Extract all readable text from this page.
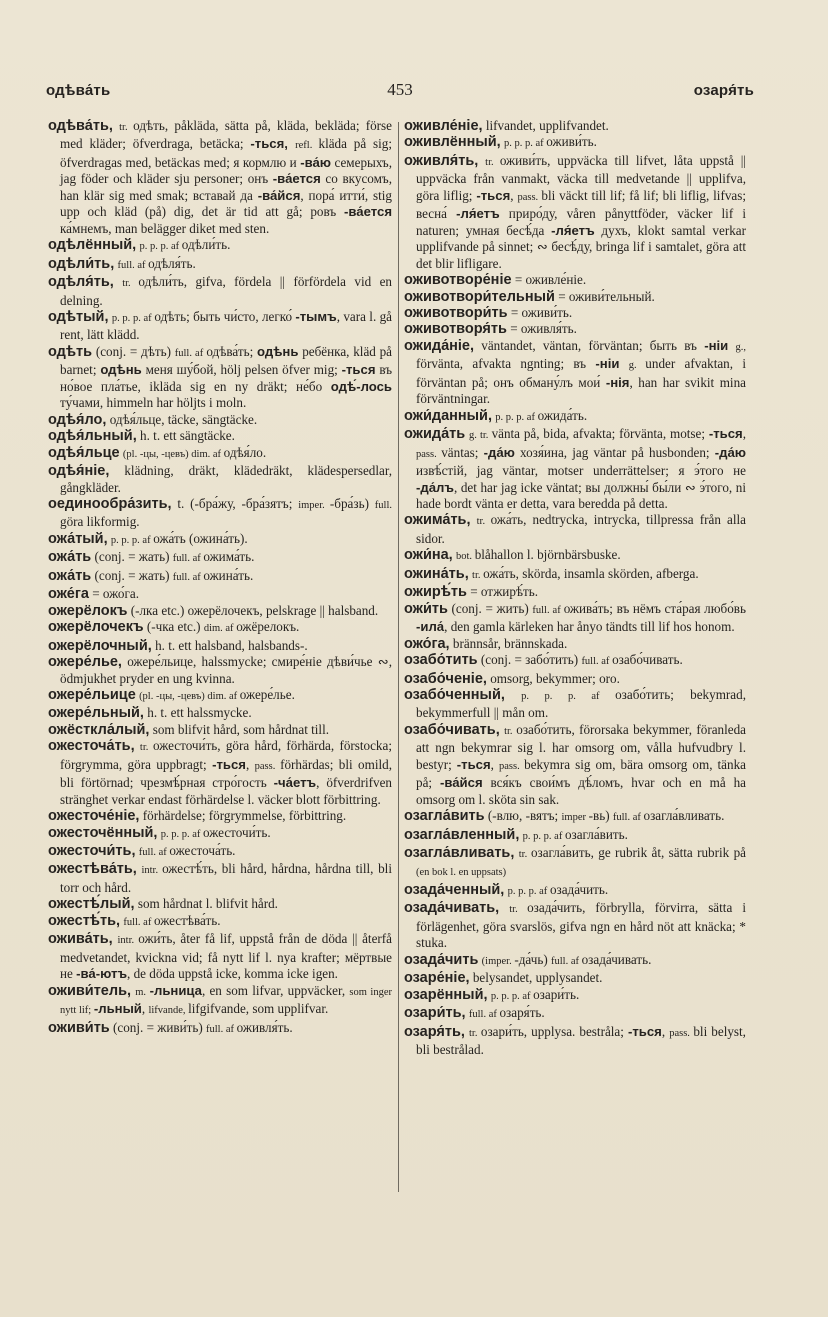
одѣва́ть	453	озаря́ть

одѣва́ть, tr. одѣть, påkläda, sätta på, kläda, bekläda; förse med kläder; öfverdraga, betäcka; -ться, refl. kläda på sig; öfverdragas med, betäckas med; я кормлю и -ва́ю семерыхъ, jag föder och kläder sju personer; онъ -ва́ется со вкусомъ, han klär sig med smak; вставай да -ва́йся, пора́ итти́, stig upp och kläd (på) dig, det är tid att gå; ровъ -ва́ется ка́мнемъ, man belägger diket med sten.

одѣлённый, p. p. p. af одѣли́ть.

одѣли́ть, full. af одѣля́ть.

одѣля́ть, tr. одѣли́ть, gifva, fördela || förfördela vid en delning.

одѣтый, p. p. p. af одѣть; быть чи́сто, легко́ -тымъ, vara l. gå rent, lätt klädd.

одѣть (conj. = дѣть) full. af одѣва́ть; одѣнь ребёнка, kläd på barnet; одѣнь меня шу́бой, hölj pelsen öfver mig; -ться въ но́вое пла́тье, iklädа sig en ny dräkt; не́бо одѣ́-лось ту́чами, himmeln har höljts i moln.

одѣя́ло, одѣя́льце, täcke, sängtäcke.

одѣя́льный, h. t. ett sängtäcke.

одѣя́льце (pl. -цы, -цевъ) dim. af одѣя́ло.

одѣя́ніе, klädning, dräkt, klädedräkt, klädespersedlar, gångkläder.

оединообра́зить, t. (-бра́жу, -бра́зятъ; imper. -бра́зь) full. göra likformig.

ожа́тый, p. p. p. af ожа́ть (ожина́ть).

ожа́ть (conj. = жать) full. af ожима́ть.

ожа́ть (conj. = жать) full. af ожина́ть.

оже́га = ожо́га.

ожерёлокъ (-лка etc.) ожерёлочекъ, pelskrage || halsband.

ожерёлочекъ (-чка etc.) dim. af ожёрелокъ.

ожерёлочный, h. t. ett halsband, halsbands-.

ожере́лье, ожере́льице, halssmycke; смире́ніе дѣви́чье ∾, ödmjukhet pryder en ung kvinna.

ожере́льице (pl. -цы, -цевъ) dim. af ожере́лье.

ожере́льный, h. t. ett halssmycke.

ожёсткла́лый, som blifvit hård, som hårdnat till.

ожесточа́ть, tr. ожесточи́ть, göra hård, förhärda, förstocka; förgrymma, göra uppbragt; -ться, pass. förhärdas; bli omild, bli förtörnad; чрезмѣ́рная стро́гость -ча́етъ, öfverdrifven stränghet verkar endast förhärdelse l. väcker blott förbittring.

ожесточе́ніе, förhärdelse; förgrymmelse, förbittring.

ожесточённый, p. p. p. af ожесточи́ть.

ожесточи́ть, full. af ожесточа́ть.

ожестѣва́ть, intr. ожестѣ́ть, bli hård, hårdna, hårdna till, bli torr och hård.

ожестѣ́лый, som hårdnat l. blifvit hård.

ожестѣ́ть, full. af ожестѣва́ть.

ожива́ть, intr. ожи́ть, åter få lif, uppstå från de döda || återfå medvetandet, kvickna vid; få nytt lif l. nya krafter; мёртвые не -ва́-ютъ, de döda uppstå icke, komma icke igen.

оживи́тель, m. -льница, en som lifvar, uppväcker, som inger nytt lif; -льный, lifvande, lifgifvande, som upplifvar.

оживи́ть (conj. = живи́ть) full. af оживля́ть.

оживле́ніе, lifvandet, upplifvandet.

оживлённый, p. p. p. af оживи́ть.

оживля́ть, tr. оживи́ть, uppväcka till lifvet, låta uppstå || uppväcka från vanmakt, väcka till medvetande || upplifva, göra liflig; -ться, pass. bli väckt till lif; få lif; bli liflig, lifvas; весна́ -ля́етъ приро́ду, våren pånyttföder, väcker lif i naturen; умная бесѣ́да -ля́етъ духъ, klokt samtal verkar upplifvande på sinnet; ∾ бесѣ́ду, bringa lif i samtalet, göra att det blir lifligare.

оживотворе́ніе = оживле́ніе.

оживотвори́тельный = оживи́тельный.

оживотвори́ть = оживи́ть.

оживотворя́ть = оживля́ть.

ожида́ніе, väntandet, väntan, förväntan; быть въ -ніи g., förvänta, afvakta ngnting; въ -ніи g. under afvaktan, i förväntan på; онъ обману́лъ мои́ -нія, han har svikit mina förväntningar.

ожи́данный, p. p. p. af ожида́ть.

ожида́ть g. tr. vänta på, bida, afvakta; förvänta, motse; -ться, pass. väntas; -да́ю хозя́ина, jag väntar på husbonden; -да́ю извѣ́стій, jag väntar, motser underrättelser; я э́того не -да́лъ, det har jag icke väntat; вы должны́ бы́ли ∾ э́того, ni hade bordt vänta er detta, vara beredda på detta.

ожима́ть, tr. ожа́ть, nedtrycka, intrycka, tillpressa från alla sidor.

ожи́на, bot. blåhallon l. björnbärsbuske.

ожина́ть, tr. ожа́ть, skörda, insamla skörden, afberga.

ожирѣ́ть = отжирѣ́ть.

ожи́ть (conj. = жить) full. af ожива́ть; въ нёмъ ста́рая любо́вь -ила́, den gamla kärleken har ånyo tändts till lif hos honom.

ожо́га, brännsår, brännskada.

озабо́тить (conj. = забо́тить) full. af озабо́чивать.

озабо́ченіе, omsorg, bekymmer; oro.

озабо́ченный, p. p. p. af озабо́тить; bekymrad, bekymmerfull || mån om.

озабо́чивать, tr. озабо́тить, förorsaka bekymmer, föranleda att ngn bekymrar sig l. har omsorg om, vålla hufvudbry l. bestyr; -ться, pass. bekymra sig om, bära omsorg om, tänka på; -ва́йся вся́къ свои́мъ дѣ́ломъ, hvar och en må ha omsorg om l. sköta sin sak.

озагла́вить (-влю, -вятъ; imper -вь) full. af озагла́вливать.

озагла́вленный, p. p. p. af озагла́вить.

озагла́вливать, tr. озагла́вить, ge rubrik åt, sätta rubrik på (en bok l. en uppsats)

озада́ченный, p. p. p. af озада́чить.

озада́чивать, tr. озада́чить, förbrylla, förvirra, sätta i förlägenhet, göra svarslös, gifva ngn en hård nöt att knäcka; * stuka.

озада́чить (imper. -да́чь) full. af озада́чивать.

озаре́ніе, belysandet, upplysandet.

озарённый, p. p. p. af озари́ть.

озари́ть, full. af озаря́ть.

озаря́ть, tr. озари́ть, upplysa. bestråla; -ться, pass. bli belyst, bli bestrålad.
